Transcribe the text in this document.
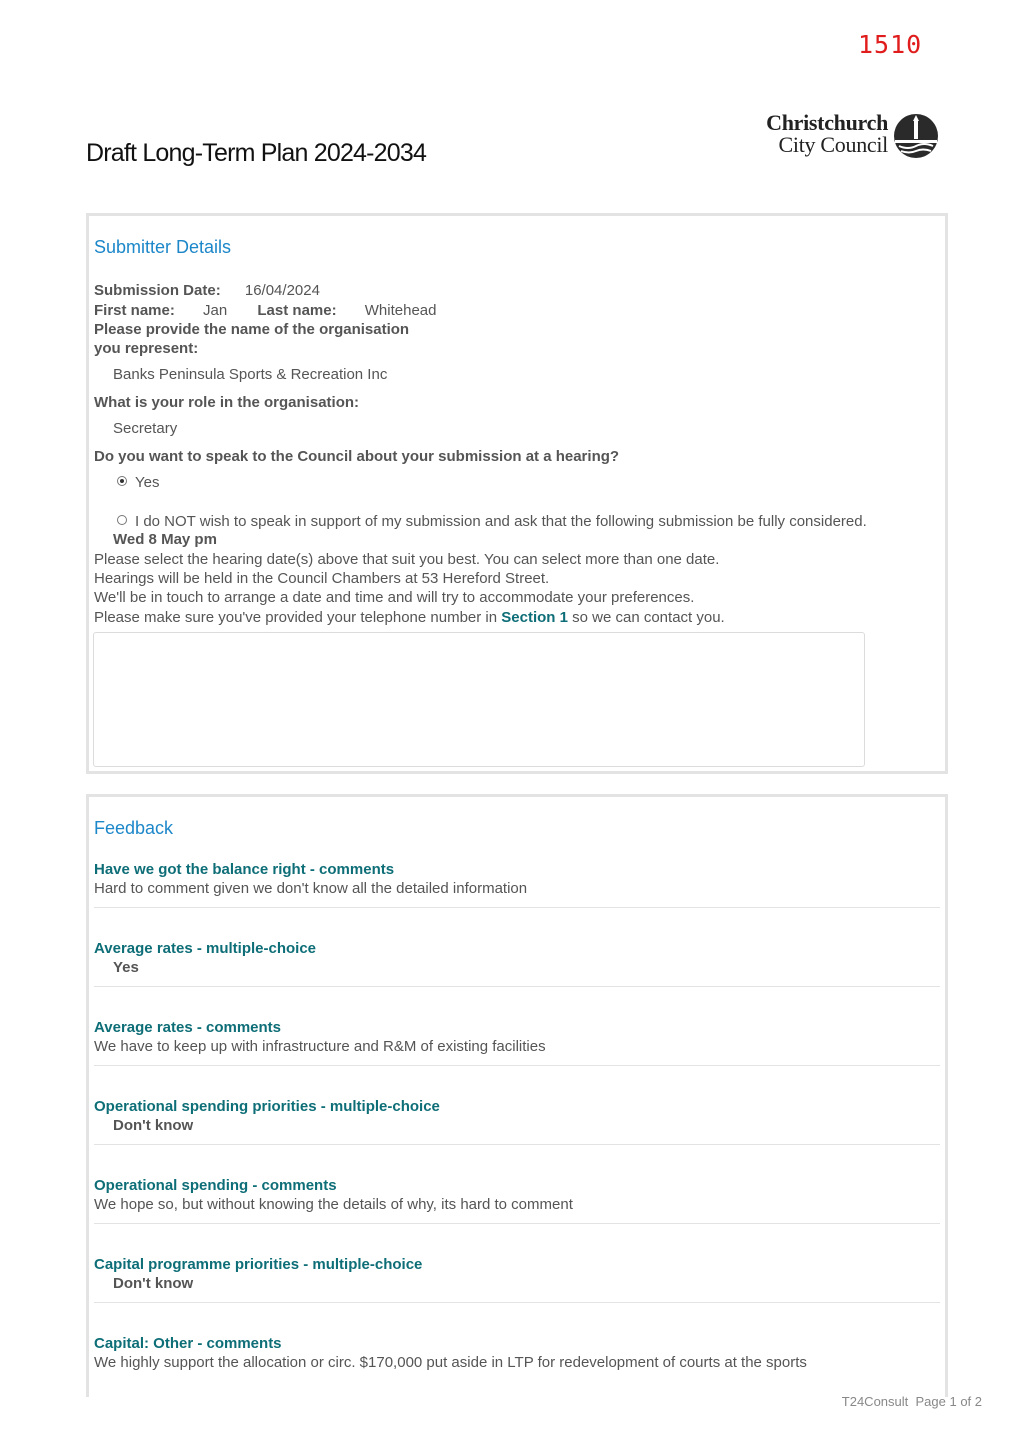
1510
Draft Long-Term Plan 2024-2034
Christchurch
City Council
Submitter Details
Submission Date: 16/04/2024
First name: Jan Last name: Whitehead
Please provide the name of the organisation
you represent:
Banks Peninsula Sports & Recreation Inc
What is your role in the organisation:
Secretary
Do you want to speak to the Council about your submission at a hearing?
Yes
I do NOT wish to speak in support of my submission and ask that the following submission be fully considered.
Wed 8 May pm
Please select the hearing date(s) above that suit you best. You can select more than one date.
Hearings will be held in the Council Chambers at 53 Hereford Street.
We'll be in touch to arrange a date and time and will try to accommodate your preferences.
Please make sure you've provided your telephone number in Section 1 so we can contact you.
Feedback
Have we got the balance right - comments
Hard to comment given we don't know all the detailed information
Average rates - multiple-choice
Yes
Average rates - comments
We have to keep up with infrastructure and R&M of existing facilities
Operational spending priorities - multiple-choice
Don't know
Operational spending - comments
We hope so, but without knowing the details of why, its hard to comment
Capital programme priorities - multiple-choice
Don't know
Capital: Other - comments
We highly support the allocation or circ. $170,000 put aside in LTP for redevelopment of courts at the sports
T24Consult Page 1 of 2
